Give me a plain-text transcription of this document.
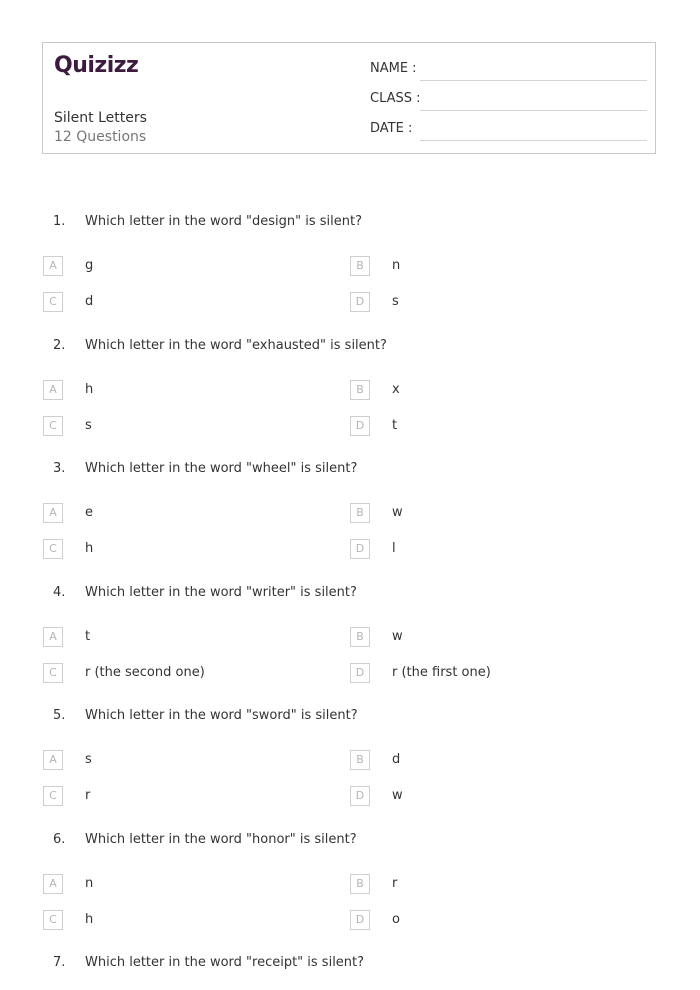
Quizizz
Silent Letters
12 Questions
NAME :
CLASS :
DATE :
1. Which letter in the word "design" is silent?
A	g	B	n
C	d	D	s
2. Which letter in the word "exhausted" is silent?
A	h	B	x
C	s	D	t
3. Which letter in the word "wheel" is silent?
A	e	B	w
C	h	D	l
4. Which letter in the word "writer" is silent?
A	t	B	w
C	r (the second one)	D	r (the first one)
5. Which letter in the word "sword" is silent?
A	s	B	d
C	r	D	w
6. Which letter in the word "honor" is silent?
A	n	B	r
C	h	D	o
7. Which letter in the word "receipt" is silent?
